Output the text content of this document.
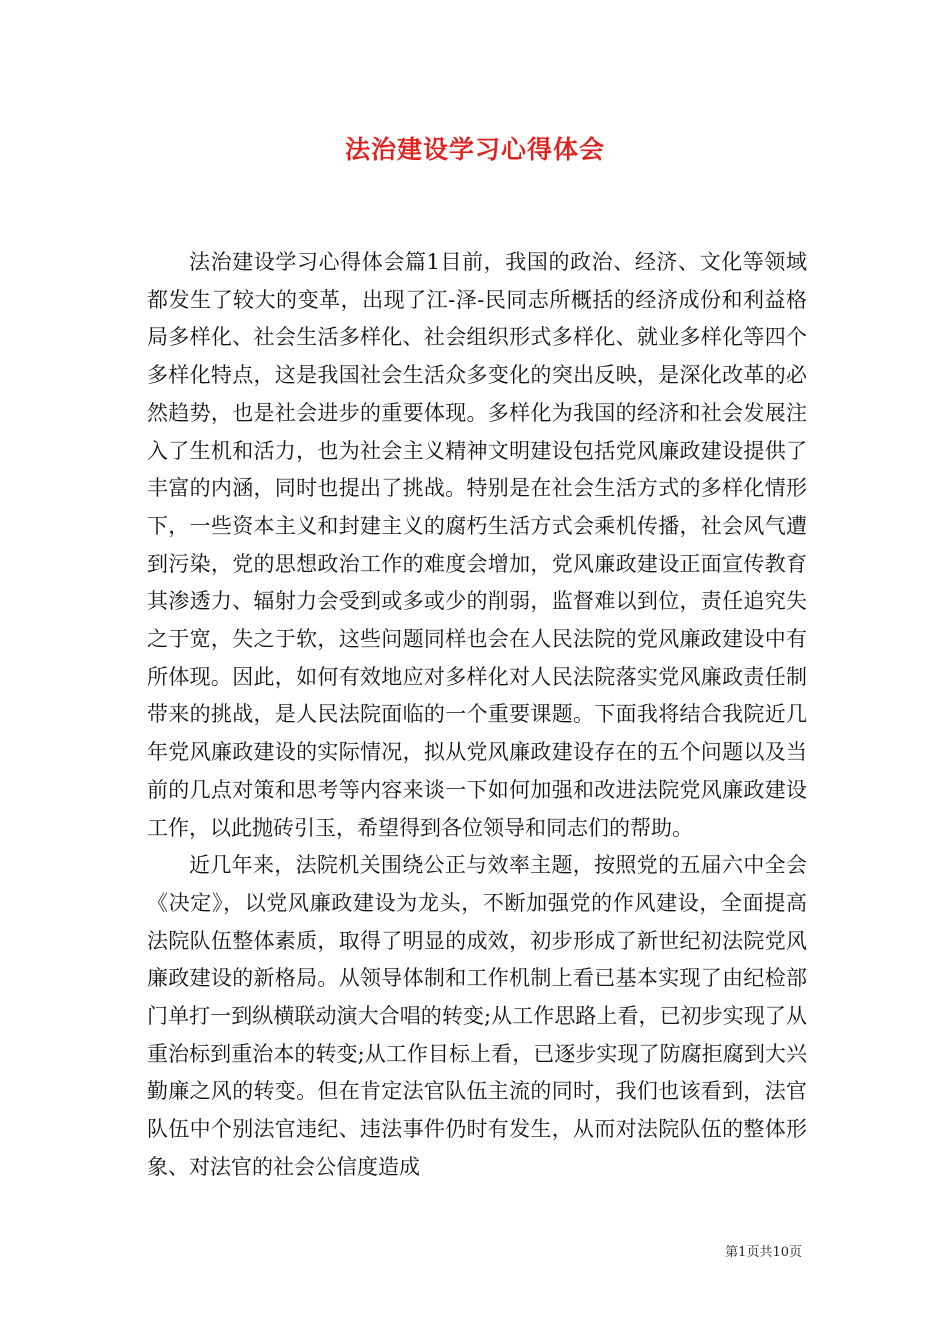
法治建设学习心得体会

法治建设学习心得体会篇1目前，我国的政治、经济、文化等领域都发生了较大的变革，出现了江-泽-民同志所概括的经济成份和利益格局多样化、社会生活多样化、社会组织形式多样化、就业多样化等四个多样化特点，这是我国社会生活众多变化的突出反映，是深化改革的必然趋势，也是社会进步的重要体现。多样化为我国的经济和社会发展注入了生机和活力，也为社会主义精神文明建设包括党风廉政建设提供了丰富的内涵，同时也提出了挑战。特别是在社会生活方式的多样化情形下，一些资本主义和封建主义的腐朽生活方式会乘机传播，社会风气遭到污染，党的思想政治工作的难度会增加，党风廉政建设正面宣传教育其渗透力、辐射力会受到或多或少的削弱，监督难以到位，责任追究失之于宽，失之于软，这些问题同样也会在人民法院的党风廉政建设中有所体现。因此，如何有效地应对多样化对人民法院落实党风廉政责任制带来的挑战，是人民法院面临的一个重要课题。下面我将结合我院近几年党风廉政建设的实际情况，拟从党风廉政建设存在的五个问题以及当前的几点对策和思考等内容来谈一下如何加强和改进法院党风廉政建设工作，以此抛砖引玉，希望得到各位领导和同志们的帮助。

近几年来，法院机关围绕公正与效率主题，按照党的五届六中全会《决定》，以党风廉政建设为龙头，不断加强党的作风建设，全面提高法院队伍整体素质，取得了明显的成效，初步形成了新世纪初法院党风廉政建设的新格局。从领导体制和工作机制上看已基本实现了由纪检部门单打一到纵横联动演大合唱的转变;从工作思路上看，已初步实现了从重治标到重治本的转变;从工作目标上看，已逐步实现了防腐拒腐到大兴勤廉之风的转变。但在肯定法官队伍主流的同时，我们也该看到，法官队伍中个别法官违纪、违法事件仍时有发生，从而对法院队伍的整体形象、对法官的社会公信度造成

第1页共10页
